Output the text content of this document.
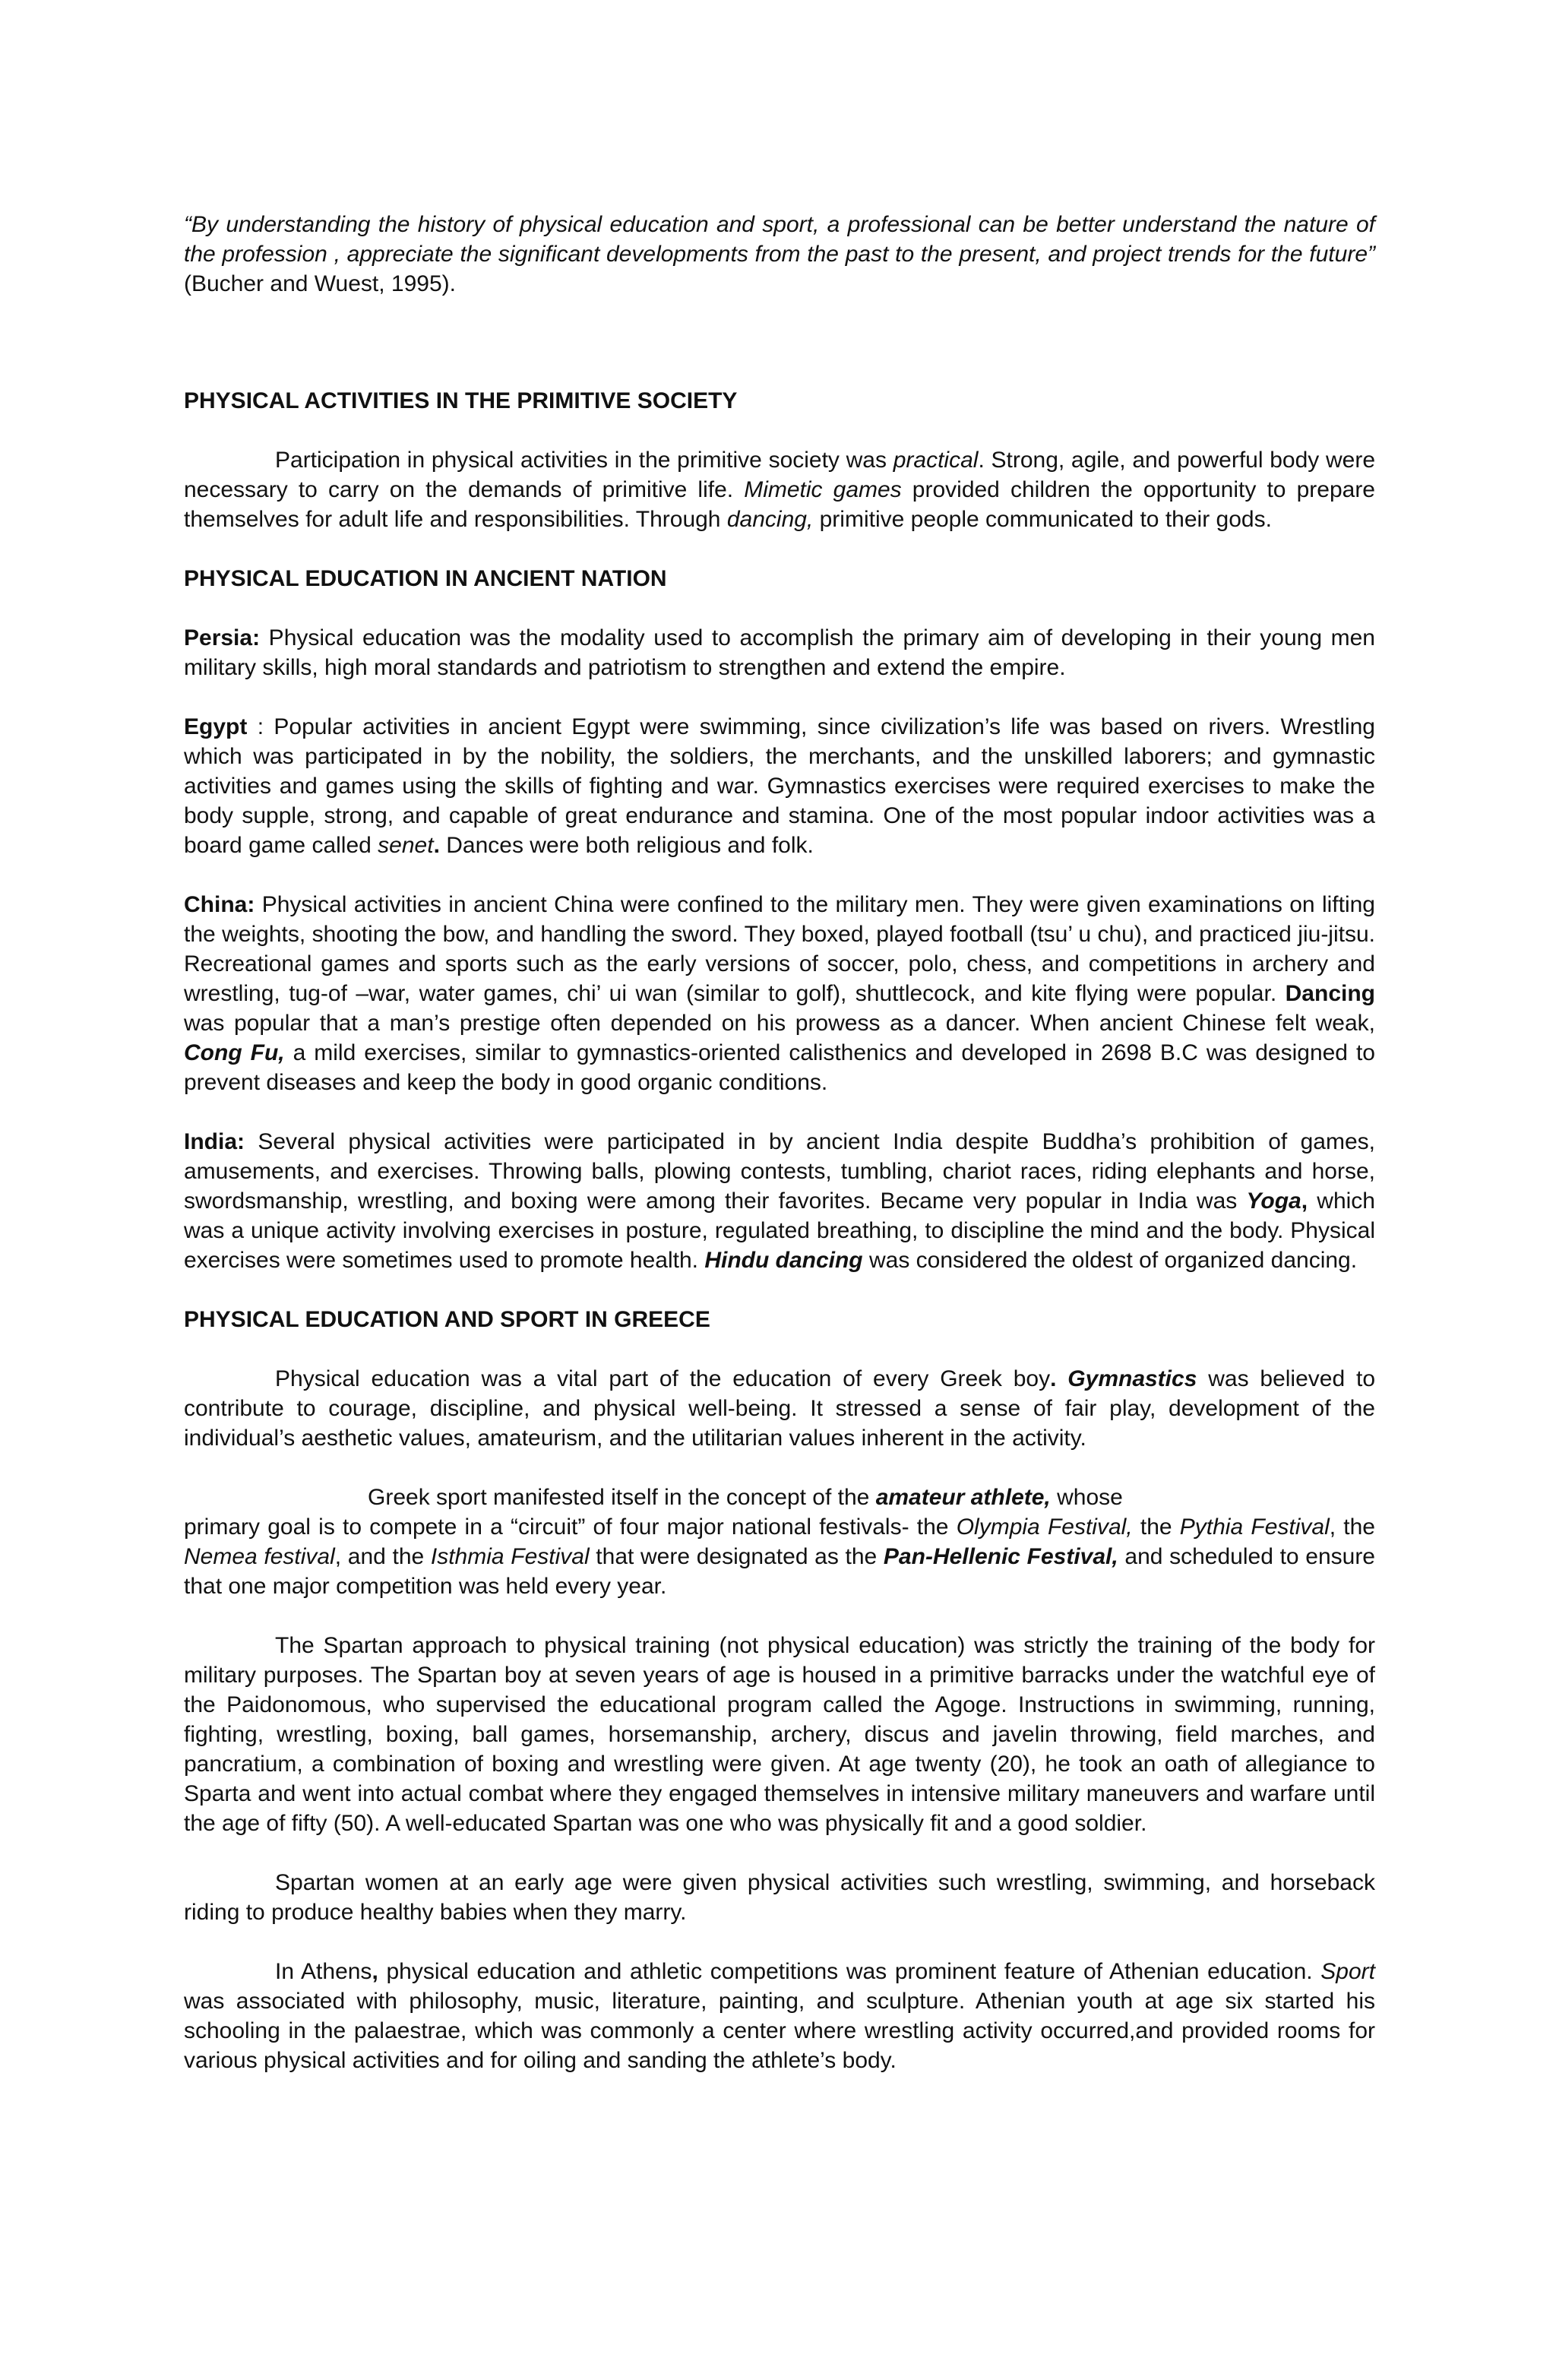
“By understanding the history of physical education and sport, a professional can be better understand the nature of the profession , appreciate the significant developments from the past to the present, and project trends for the future” (Bucher and Wuest, 1995).

PHYSICAL ACTIVITIES IN THE PRIMITIVE SOCIETY

Participation in physical activities in the primitive society was practical. Strong, agile, and powerful body were necessary to carry on the demands of primitive life. Mimetic games provided children the opportunity to prepare themselves for adult life and responsibilities. Through dancing, primitive people communicated to their gods.

PHYSICAL EDUCATION IN ANCIENT NATION

Persia: Physical education was the modality used to accomplish the primary aim of developing in their young men military skills, high moral standards and patriotism to strengthen and extend the empire.

Egypt : Popular activities in ancient Egypt were swimming, since civilization’s life was based on rivers. Wrestling which was participated in by the nobility, the soldiers, the merchants, and the unskilled laborers; and gymnastic activities and games using the skills of fighting and war. Gymnastics exercises were required exercises to make the body supple, strong, and capable of great endurance and stamina. One of the most popular indoor activities was a board game called senet. Dances were both religious and folk.

China: Physical activities in ancient China were confined to the military men. They were given examinations on lifting the weights, shooting the bow, and handling the sword. They boxed, played football (tsu’ u chu), and practiced jiu-jitsu. Recreational games and sports such as the early versions of soccer, polo, chess, and competitions in archery and wrestling, tug-of –war, water games, chi’ ui wan (similar to golf), shuttlecock, and kite flying were popular. Dancing was popular that a man’s prestige often depended on his prowess as a dancer. When ancient Chinese felt weak, Cong Fu, a mild exercises, similar to gymnastics-oriented calisthenics and developed in 2698 B.C was designed to prevent diseases and keep the body in good organic conditions.

India: Several physical activities were participated in by ancient India despite Buddha’s prohibition of games, amusements, and exercises. Throwing balls, plowing contests, tumbling, chariot races, riding elephants and horse, swordsmanship, wrestling, and boxing were among their favorites. Became very popular in India was Yoga, which was a unique activity involving exercises in posture, regulated breathing, to discipline the mind and the body. Physical exercises were sometimes used to promote health. Hindu dancing was considered the oldest of organized dancing.

PHYSICAL EDUCATION AND SPORT IN GREECE

Physical education was a vital part of the education of every Greek boy. Gymnastics was believed to contribute to courage, discipline, and physical well-being. It stressed a sense of fair play, development of the individual’s aesthetic values, amateurism, and the utilitarian values inherent in the activity.

Greek sport manifested itself in the concept of the amateur athlete, whose

primary goal is to compete in a “circuit” of four major national festivals- the Olympia Festival, the Pythia Festival, the Nemea festival, and the Isthmia Festival that were designated as the Pan-Hellenic Festival, and scheduled to ensure that one major competition was held every year.

The Spartan approach to physical training (not physical education) was strictly the training of the body for military purposes. The Spartan boy at seven years of age is housed in a primitive barracks under the watchful eye of the Paidonomous, who supervised the educational program called the Agoge. Instructions in swimming, running, fighting, wrestling, boxing, ball games, horsemanship, archery, discus and javelin throwing, field marches, and pancratium, a combination of boxing and wrestling were given. At age twenty (20), he took an oath of allegiance to Sparta and went into actual combat where they engaged themselves in intensive military maneuvers and warfare until the age of fifty (50). A well-educated Spartan was one who was physically fit and a good soldier.

Spartan women at an early age were given physical activities such wrestling, swimming, and horseback riding to produce healthy babies when they marry.

In Athens, physical education and athletic competitions was prominent feature of Athenian education. Sport was associated with philosophy, music, literature, painting, and sculpture. Athenian youth at age six started his schooling in the palaestrae, which was commonly a center where wrestling activity occurred,and provided rooms for various physical activities and for oiling and sanding the athlete’s body.
